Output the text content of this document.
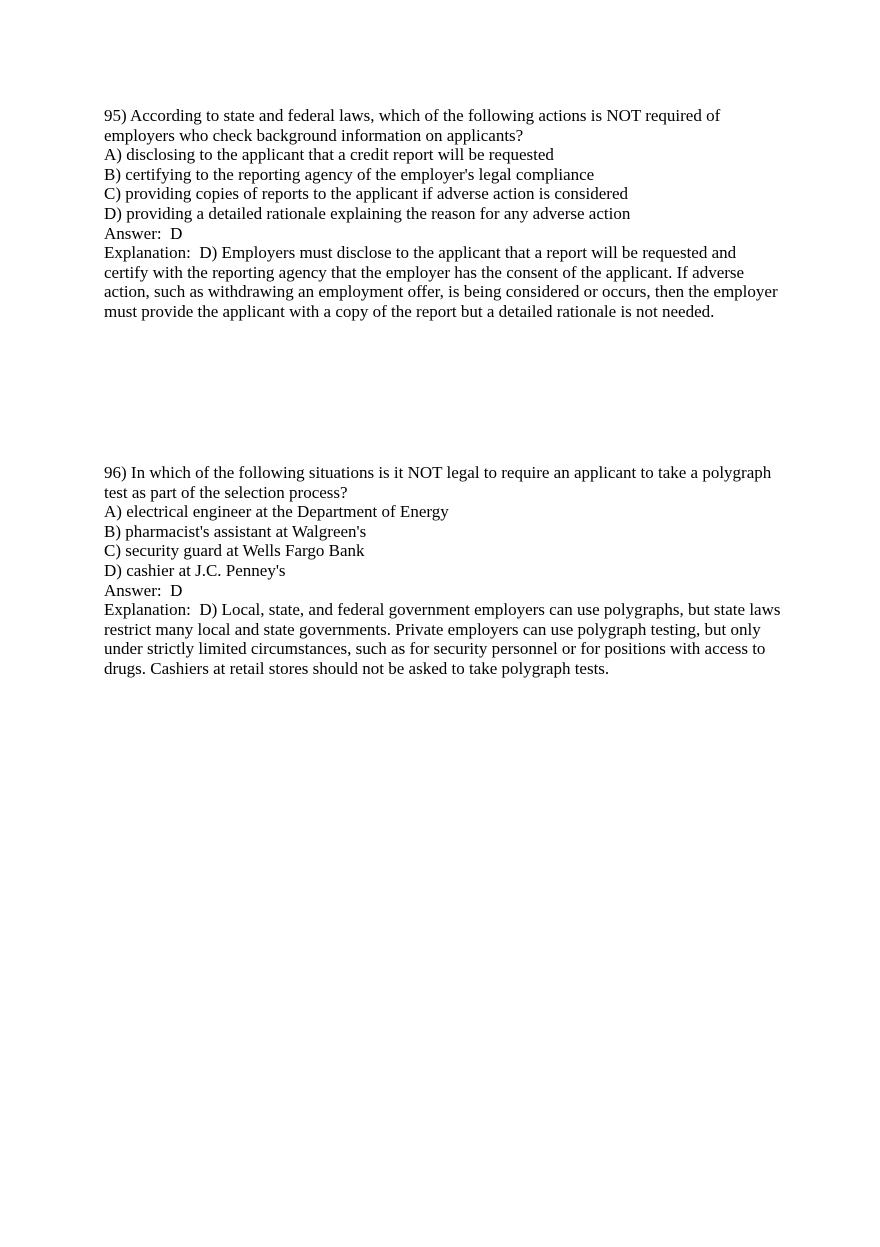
95) According to state and federal laws, which of the following actions is NOT required of employers who check background information on applicants?
A) disclosing to the applicant that a credit report will be requested
B) certifying to the reporting agency of the employer's legal compliance
C) providing copies of reports to the applicant if adverse action is considered
D) providing a detailed rationale explaining the reason for any adverse action
Answer:  D
Explanation:  D) Employers must disclose to the applicant that a report will be requested and certify with the reporting agency that the employer has the consent of the applicant. If adverse action, such as withdrawing an employment offer, is being considered or occurs, then the employer must provide the applicant with a copy of the report but a detailed rationale is not needed.
96) In which of the following situations is it NOT legal to require an applicant to take a polygraph test as part of the selection process?
A) electrical engineer at the Department of Energy
B) pharmacist's assistant at Walgreen's
C) security guard at Wells Fargo Bank
D) cashier at J.C. Penney's
Answer:  D
Explanation:  D) Local, state, and federal government employers can use polygraphs, but state laws restrict many local and state governments. Private employers can use polygraph testing, but only under strictly limited circumstances, such as for security personnel or for positions with access to drugs. Cashiers at retail stores should not be asked to take polygraph tests.
